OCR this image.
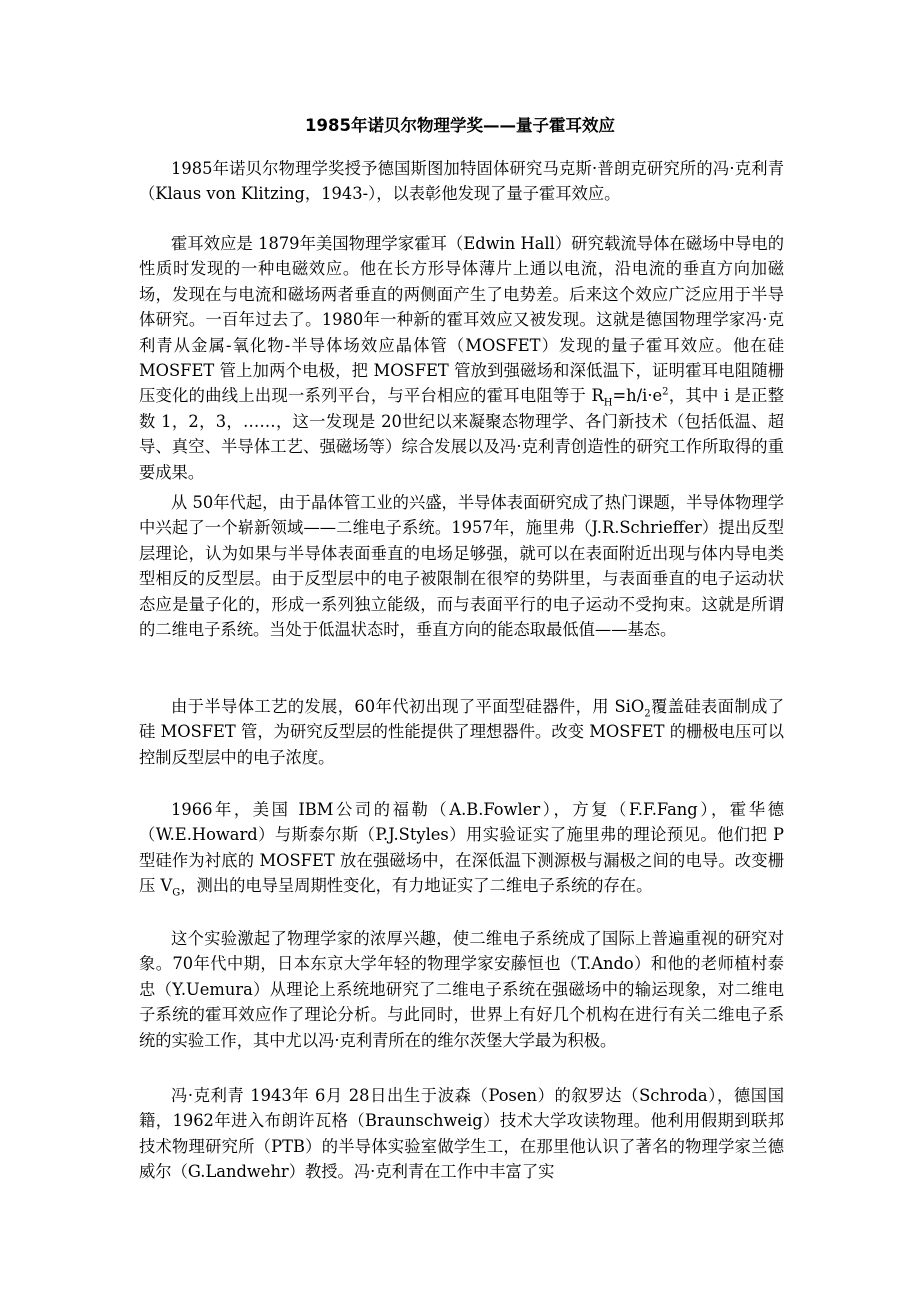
1985年诺贝尔物理学奖——量子霍耳效应

1985年诺贝尔物理学奖授予德国斯图加特固体研究马克斯·普朗克研究所的冯·克利青（Klaus von Klitzing，1943-），以表彰他发现了量子霍耳效应。

霍耳效应是 1879年美国物理学家霍耳（Edwin Hall）研究载流导体在磁场中导电的性质时发现的一种电磁效应。他在长方形导体薄片上通以电流，沿电流的垂直方向加磁场，发现在与电流和磁场两者垂直的两侧面产生了电势差。后来这个效应广泛应用于半导体研究。一百年过去了。1980年一种新的霍耳效应又被发现。这就是德国物理学家冯·克利青从金属-氧化物-半导体场效应晶体管（MOSFET）发现的量子霍耳效应。他在硅 MOSFET 管上加两个电极，把 MOSFET 管放到强磁场和深低温下，证明霍耳电阻随栅压变化的曲线上出现一系列平台，与平台相应的霍耳电阻等于 $R_H=h/i\cdot e^2$，其中 i 是正整数 1，2，3，……，这一发现是 20世纪以来凝聚态物理学、各门新技术（包括低温、超导、真空、半导体工艺、强磁场等）综合发展以及冯·克利青创造性的研究工作所取得的重要成果。

从 50年代起，由于晶体管工业的兴盛，半导体表面研究成了热门课题，半导体物理学中兴起了一个崭新领域——二维电子系统。1957年，施里弗（J.R.Schrieffer）提出反型层理论，认为如果与半导体表面垂直的电场足够强，就可以在表面附近出现与体内导电类型相反的反型层。由于反型层中的电子被限制在很窄的势阱里，与表面垂直的电子运动状态应是量子化的，形成一系列独立能级，而与表面平行的电子运动不受拘束。这就是所谓的二维电子系统。当处于低温状态时，垂直方向的能态取最低值——基态。

由于半导体工艺的发展，60年代初出现了平面型硅器件，用 SiO$_2$覆盖硅表面制成了硅 MOSFET 管，为研究反型层的性能提供了理想器件。改变 MOSFET 的栅极电压可以控制反型层中的电子浓度。

1966年，美国 IBM公司的福勒（A.B.Fowler），方复（F.F.Fang），霍华德（W.E.Howard）与斯泰尔斯（P.J.Styles）用实验证实了施里弗的理论预见。他们把 P 型硅作为衬底的 MOSFET 放在强磁场中，在深低温下测源极与漏极之间的电导。改变栅压 $V_G$，测出的电导呈周期性变化，有力地证实了二维电子系统的存在。

这个实验激起了物理学家的浓厚兴趣，使二维电子系统成了国际上普遍重视的研究对象。70年代中期，日本东京大学年轻的物理学家安藤恒也（T.Ando）和他的老师植村泰忠（Y.Uemura）从理论上系统地研究了二维电子系统在强磁场中的输运现象，对二维电子系统的霍耳效应作了理论分析。与此同时，世界上有好几个机构在进行有关二维电子系统的实验工作，其中尤以冯·克利青所在的维尔茨堡大学最为积极。

冯·克利青 1943年 6月 28日出生于波森（Posen）的叙罗达（Schroda），德国国籍，1962年进入布朗许瓦格（Braunschweig）技术大学攻读物理。他利用假期到联邦技术物理研究所（PTB）的半导体实验室做学生工，在那里他认识了著名的物理学家兰德威尔（G.Landwehr）教授。冯·克利青在工作中丰富了实
